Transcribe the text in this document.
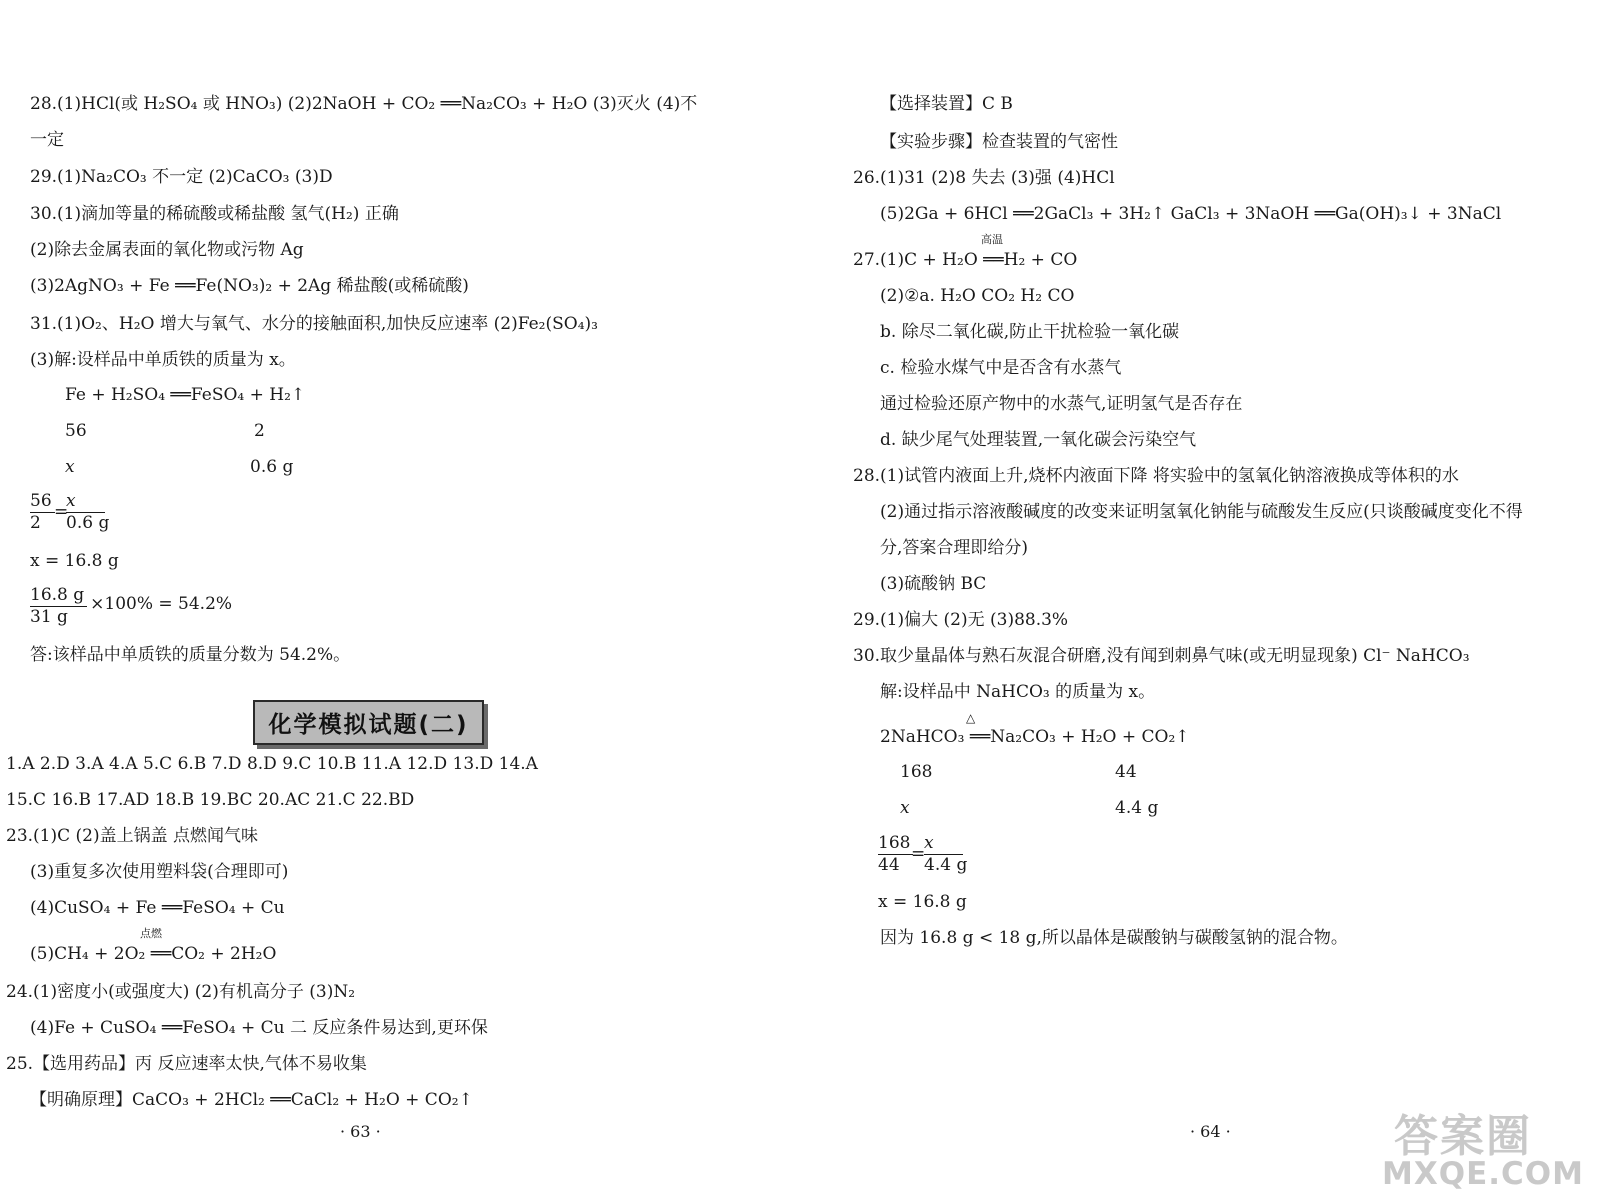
28.(1)HCl(或 H₂SO₄ 或 HNO₃) (2)2NaOH + CO₂ ══Na₂CO₃ + H₂O (3)灭火 (4)不
一定
29.(1)Na₂CO₃ 不一定 (2)CaCO₃ (3)D
30.(1)滴加等量的稀硫酸或稀盐酸 氢气(H₂) 正确
(2)除去金属表面的氧化物或污物 Ag
(3)2AgNO₃ + Fe ══Fe(NO₃)₂ + 2Ag 稀盐酸(或稀硫酸)
31.(1)O₂、H₂O 增大与氧气、水分的接触面积,加快反应速率 (2)Fe₂(SO₄)₃
(3)解:设样品中单质铁的质量为 x。
Fe + H₂SO₄ ══FeSO₄ + H₂↑
56	2
x	0.6 g
$\frac{56}{2}$ =
$\frac{x}{0.6 g}$
x = 16.8 g
16.8 g
31 g
×100% = 54.2%
答:该样品中单质铁的质量分数为 54.2%。
化学模拟试题(二)
1.A 2.D 3.A 4.A 5.C 6.B 7.D 8.D 9.C 10.B 11.A 12.D 13.D 14.A
15.C 16.B 17.AD 18.B 19.BC 20.AC 21.C 22.BD
23.(1)C (2)盖上锅盖 点燃闻气味
(3)重复多次使用塑料袋(合理即可)
(4)CuSO₄ + Fe ══FeSO₄ + Cu
(5)CH₄ + 2O₂ ══CO₂ + 2H₂O
点燃
24.(1)密度小(或强度大) (2)有机高分子 (3)N₂
(4)Fe + CuSO₄ ══FeSO₄ + Cu 二 反应条件易达到,更环保
25.【选用药品】丙 反应速率太快,气体不易收集
【明确原理】CaCO₃ + 2HCl₂ ══CaCl₂ + H₂O + CO₂↑
· 63 ·
【选择装置】C B
【实验步骤】检查装置的气密性
26.(1)31 (2)8 失去 (3)强 (4)HCl
(5)2Ga + 6HCl ══2GaCl₃ + 3H₂↑ GaCl₃ + 3NaOH ══Ga(OH)₃↓ + 3NaCl
27.(1)C + H₂O ══H₂ + CO
高温
(2)②a. H₂O CO₂ H₂ CO
b. 除尽二氧化碳,防止干扰检验一氧化碳
c. 检验水煤气中是否含有水蒸气
通过检验还原产物中的水蒸气,证明氢气是否存在
d. 缺少尾气处理装置,一氧化碳会污染空气
28.(1)试管内液面上升,烧杯内液面下降 将实验中的氢氧化钠溶液换成等体积的水
(2)通过指示溶液酸碱度的改变来证明氢氧化钠能与硫酸发生反应(只谈酸碱度变化不得
分,答案合理即给分)
(3)硫酸钠 BC
29.(1)偏大 (2)无 (3)88.3%
30.取少量晶体与熟石灰混合研磨,没有闻到刺鼻气味(或无明显现象) Cl⁻ NaHCO₃
解:设样品中 NaHCO₃ 的质量为 x。
2NaHCO₃ ══Na₂CO₃ + H₂O + CO₂↑
△
168	44
x	4.4 g
$\frac{168}{44}$
=
$\frac{x}{4.4 g}$
x = 16.8 g
因为 16.8 g < 18 g,所以晶体是碳酸钠与碳酸氢钠的混合物。
· 64 ·	答案圈
MXQE.COM
